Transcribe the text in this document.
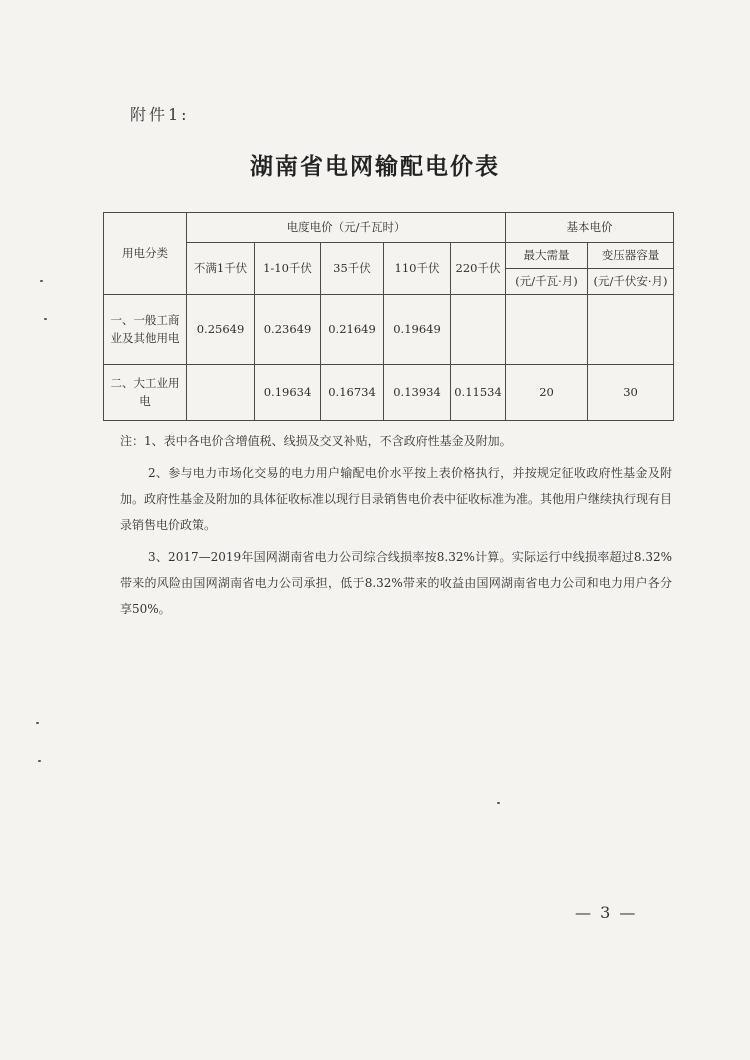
附件1:
湖南省电网输配电价表
用电分类	电度电价（元/千瓦时）					基本电价	
	不满1千伏	1-10千伏	35千伏	110千伏	220千伏	最大需量	变压器容量
						(元/千瓦·月)	(元/千伏安·月)
一、一般工商业及其他用电	0.25649	0.23649	0.21649	0.19649			
二、大工业用电		0.19634	0.16734	0.13934	0.11534	20	30

注：1、表中各电价含增值税、线损及交叉补贴，不含政府性基金及附加。

2、参与电力市场化交易的电力用户输配电价水平按上表价格执行，并按规定征收政府性基金及附加。政府性基金及附加的具体征收标准以现行目录销售电价表中征收标准为准。其他用户继续执行现有目录销售电价政策。

3、2017—2019年国网湖南省电力公司综合线损率按8.32%计算。实际运行中线损率超过8.32%带来的风险由国网湖南省电力公司承担，低于8.32%带来的收益由国网湖南省电力公司和电力用户各分享50%。

— 3 —
